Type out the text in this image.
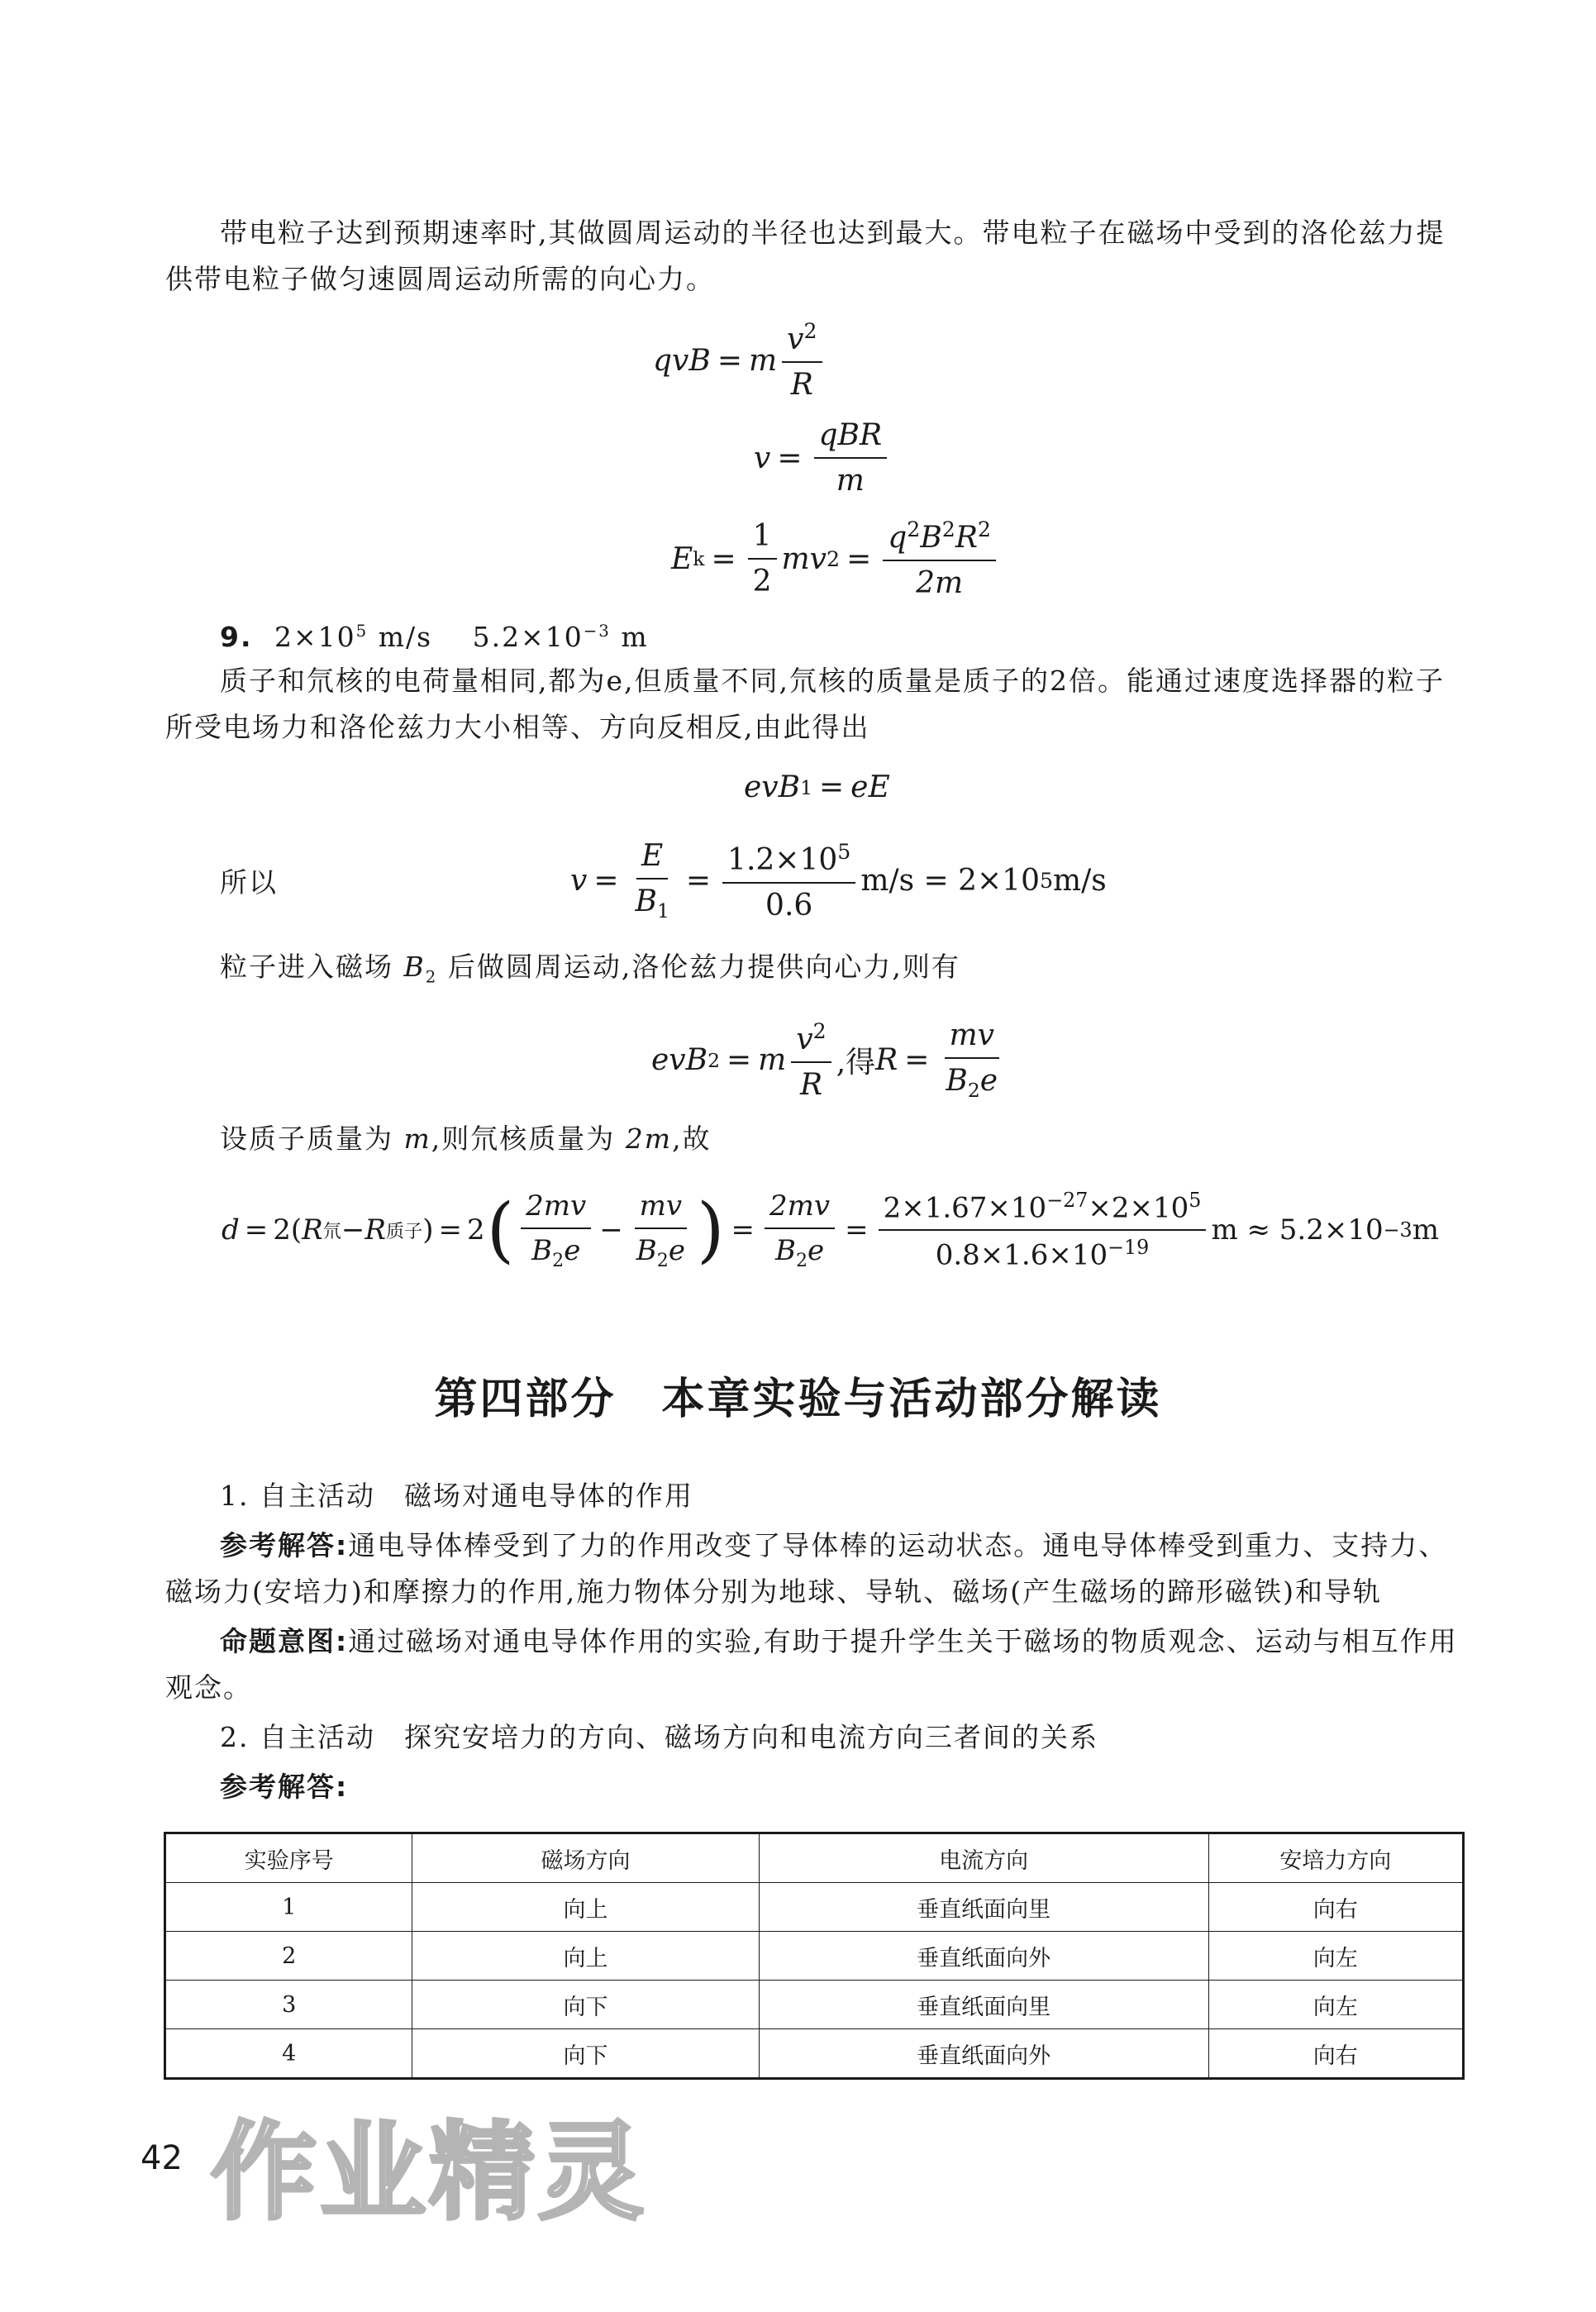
带电粒子达到预期速率时,其做圆周运动的半径也达到最大。带电粒子在磁场中受到的洛伦兹力提供带电粒子做匀速圆周运动所需的向心力。

qvB = m $\frac{v^2}{R}$
$v = \frac{\text{qBR}}{m}$
E $k = \frac{1}{2}$ mv $2 = \frac{q^2B^2R^2}{2m}$
9. $2\times 10^5$ m/s $5.2\times 10^{-3}$ m

质子和氘核的电荷量相同,都为e,但质量不同,氘核的质量是质子的2倍。能通过速度选择器的粒子所受电场力和洛伦兹力大小相等、方向反相反,由此得出

evB 1 = eE
所以	$v = \frac{E}{B_1} = \frac{1.2\times 10^5}{0.6} m/s = 2\times 10$ 5 m/s

粒子进入磁场 $B_2$ 后做圆周运动,洛伦兹力提供向心力,则有

evB 2 = m $\frac{v^2}{R}$ ,得 $R = \frac{mv}{B_2e}$

设质子质量为 m,则氘核质量为 2m,故

d = 2( R 氘 − R 质子 ) = 2 ( $\frac{2mv}{B_2e} - \frac{mv}{B_2e}$ ) = $\frac{2mv}{B_2e} = \frac{2\times 1.67\times 10^{-27}\times 2\times 10^5}{0.8\times 1.6\times 10^{-19}}$ m ≈ 5.2×10 −3 m
第四部分　本章实验与活动部分解读

1. 自主活动　磁场对通电导体的作用

参考解答:通电导体棒受到了力的作用改变了导体棒的运动状态。通电导体棒受到重力、支持力、磁场力(安培力)和摩擦力的作用,施力物体分别为地球、导轨、磁场(产生磁场的蹄形磁铁)和导轨

命题意图:通过磁场对通电导体作用的实验,有助于提升学生关于磁场的物质观念、运动与相互作用观念。

2. 自主活动　探究安培力的方向、磁场方向和电流方向三者间的关系

参考解答:

实验序号	磁场方向	电流方向	安培力方向
1	向上	垂直纸面向里	向右
2	向上	垂直纸面向外	向左
3	向下	垂直纸面向里	向左
4	向下	垂直纸面向外	向右
作业精灵
42
